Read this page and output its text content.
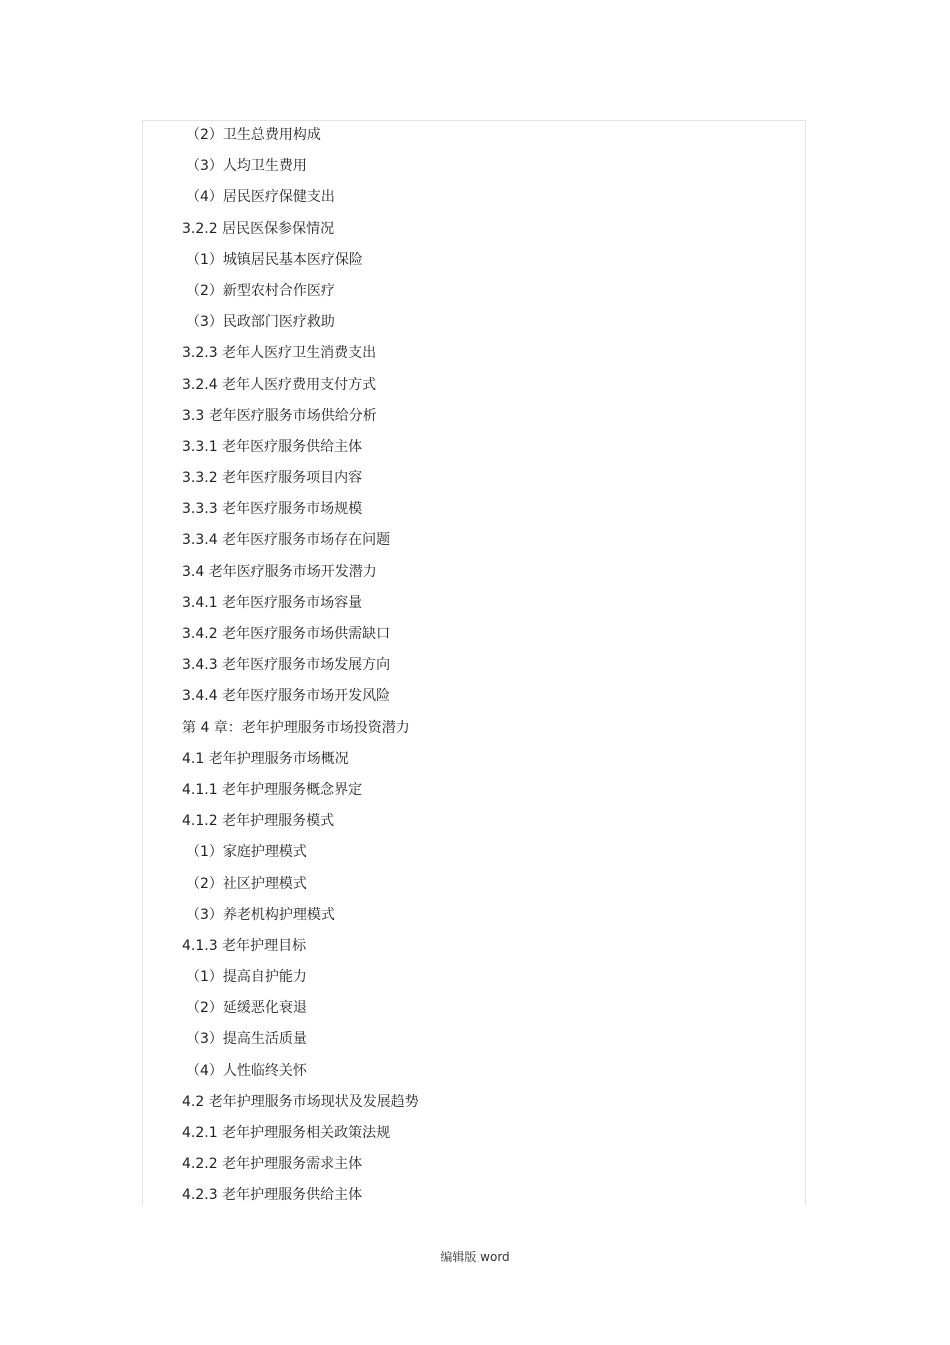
（2）卫生总费用构成
（3）人均卫生费用
（4）居民医疗保健支出
3.2.2 居民医保参保情况
（1）城镇居民基本医疗保险
（2）新型农村合作医疗
（3）民政部门医疗救助
3.2.3 老年人医疗卫生消费支出
3.2.4 老年人医疗费用支付方式
3.3 老年医疗服务市场供给分析
3.3.1 老年医疗服务供给主体
3.3.2 老年医疗服务项目内容
3.3.3 老年医疗服务市场规模
3.3.4 老年医疗服务市场存在问题
3.4 老年医疗服务市场开发潜力
3.4.1 老年医疗服务市场容量
3.4.2 老年医疗服务市场供需缺口
3.4.3 老年医疗服务市场发展方向
3.4.4 老年医疗服务市场开发风险
第 4 章：老年护理服务市场投资潜力
4.1 老年护理服务市场概况
4.1.1 老年护理服务概念界定
4.1.2 老年护理服务模式
（1）家庭护理模式
（2）社区护理模式
（3）养老机构护理模式
4.1.3 老年护理目标
（1）提高自护能力
（2）延缓恶化衰退
（3）提高生活质量
（4）人性临终关怀
4.2 老年护理服务市场现状及发展趋势
4.2.1 老年护理服务相关政策法规
4.2.2 老年护理服务需求主体
4.2.3 老年护理服务供给主体
编辑版 word
